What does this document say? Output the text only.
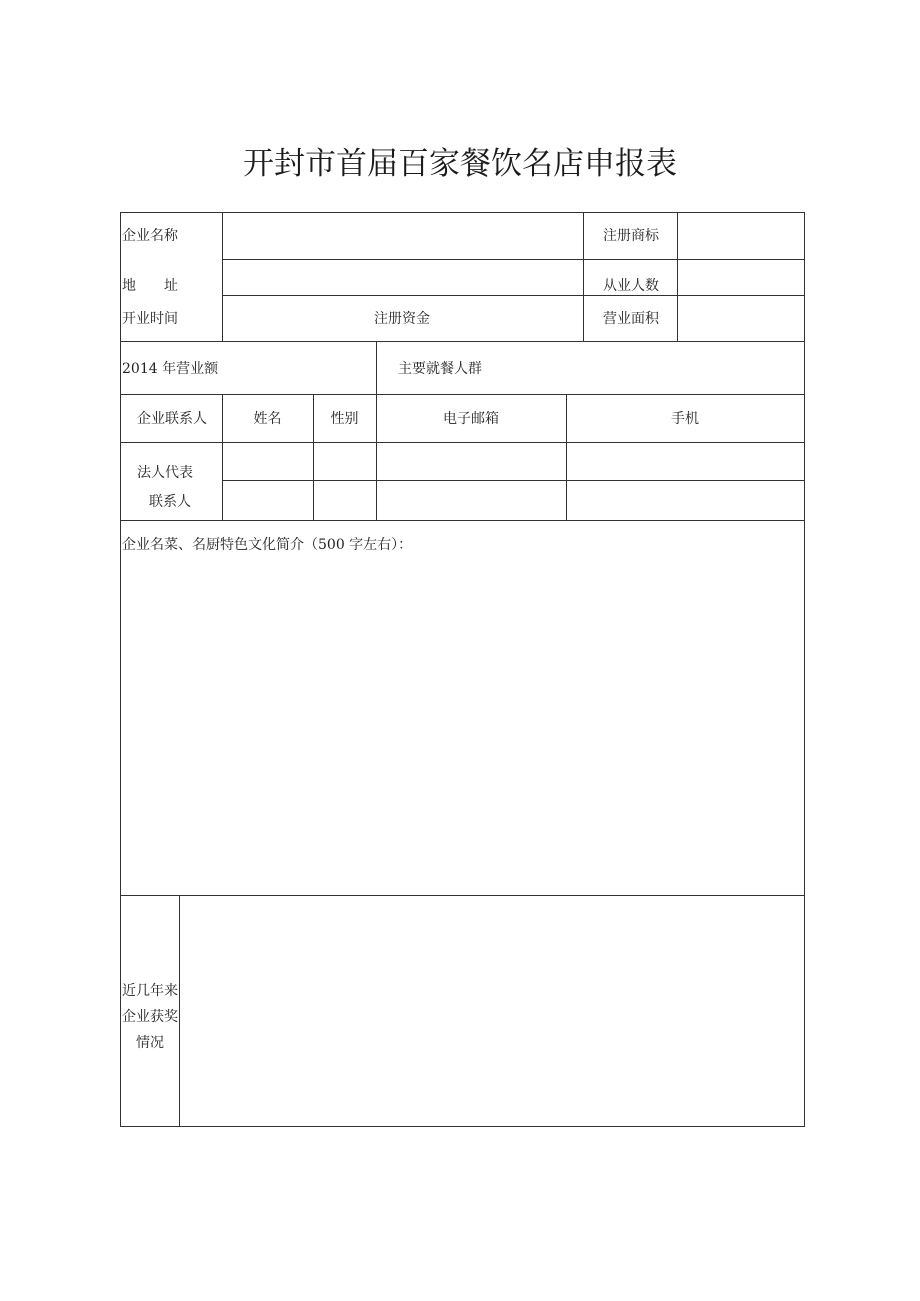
开封市首届百家餐饮名店申报表
企业名称	注册商标
地　　址	从业人数
开业时间	注册资金	营业面积
2014 年营业额	主要就餐人群
企业联系人	姓名	性别	电子邮箱	手机
法人代表
联系人
企业名菜、名厨特色文化简介（500 字左右）：
近几年来
企业获奖
情况
